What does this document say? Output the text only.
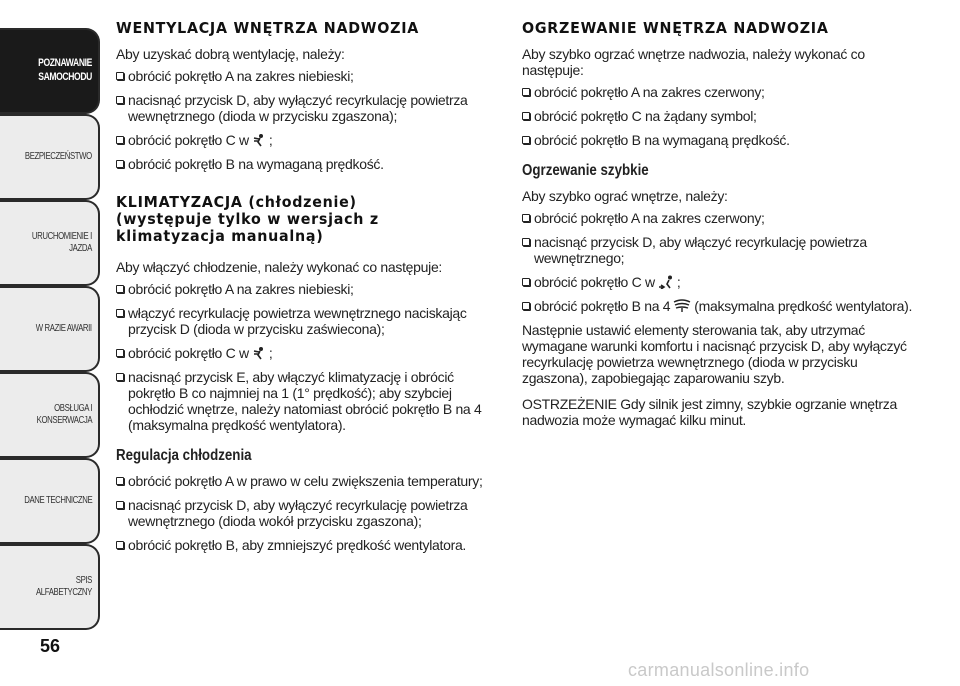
POZNAWANIE
SAMOCHODU
BEZPIECZEŃSTWO
URUCHOMIENIE I
JAZDA
W RAZIE AWARII
OBSŁUGA I
KONSERWACJA
DANE TECHNICZNE
SPIS ALFABETYCZNY
56
WENTYLACJA WNĘTRZA NADWOZIA
Aby uzyskać dobrą wentylację, należy:
obrócić pokrętło A na zakres niebieski;
nacisnąć przycisk D, aby wyłączyć recyrkulację powietrza wewnętrznego (dioda w przycisku zgaszona);
obrócić pokrętło C w ;
obrócić pokrętło B na wymaganą prędkość.
KLIMATYZACJA (chłodzenie)
(występuje tylko w wersjach z
klimatyzacja manualną)
Aby włączyć chłodzenie, należy wykonać co następuje:
obrócić pokrętło A na zakres niebieski;
włączyć recyrkulację powietrza wewnętrznego naciskając przycisk D (dioda w przycisku zaświecona);
obrócić pokrętło C w ;
nacisnąć przycisk E, aby włączyć klimatyzację i obrócić pokrętło B co najmniej na 1 (1° prędkość); aby szybciej ochłodzić wnętrze, należy natomiast obrócić pokrętło B na 4 (maksymalna prędkość wentylatora).
Regulacja chłodzenia
obrócić pokrętło A w prawo w celu zwiększenia temperatury;
nacisnąć przycisk D, aby wyłączyć recyrkulację powietrza wewnętrznego (dioda wokół przycisku zgaszona);
obrócić pokrętło B, aby zmniejszyć prędkość wentylatora.
OGRZEWANIE WNĘTRZA NADWOZIA
Aby szybko ogrzać wnętrze nadwozia, należy wykonać co następuje:
obrócić pokrętło A na zakres czerwony;
obrócić pokrętło C na żądany symbol;
obrócić pokrętło B na wymaganą prędkość.
Ogrzewanie szybkie
Aby szybko ograć wnętrze, należy:
obrócić pokrętło A na zakres czerwony;
nacisnąć przycisk D, aby włączyć recyrkulację powietrza wewnętrznego;
obrócić pokrętło C w ;
obrócić pokrętło B na 4 (maksymalna prędkość wentylatora).
Następnie ustawić elementy sterowania tak, aby utrzymać wymagane warunki komfortu i nacisnąć przycisk D, aby wyłączyć recyrkulację powietrza wewnętrznego (dioda w przycisku zgaszona), zapobiegając zaparowaniu szyb.
OSTRZEŻENIE Gdy silnik jest zimny, szybkie ogrzanie wnętrza nadwozia może wymagać kilku minut.
carmanualsonline.info
